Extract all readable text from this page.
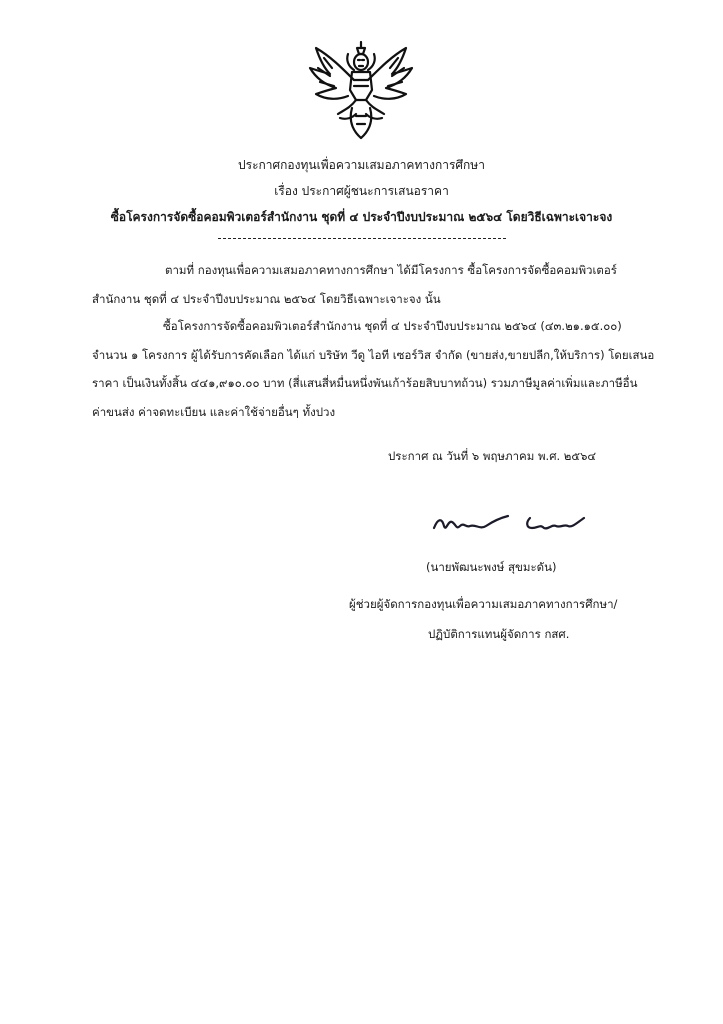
ประกาศกองทุนเพื่อความเสมอภาคทางการศึกษา
เรื่อง ประกาศผู้ชนะการเสนอราคา
ซื้อโครงการจัดซื้อคอมพิวเตอร์สำนักงาน ชุดที่ ๔ ประจำปีงบประมาณ ๒๕๖๔ โดยวิธีเฉพาะเจาะจง
ตามที่ กองทุนเพื่อความเสมอภาคทางการศึกษา ได้มีโครงการ ซื้อโครงการจัดซื้อคอมพิวเตอร์
สำนักงาน ชุดที่ ๔ ประจำปีงบประมาณ ๒๕๖๔ โดยวิธีเฉพาะเจาะจง นั้น
ซื้อโครงการจัดซื้อคอมพิวเตอร์สำนักงาน ชุดที่ ๔ ประจำปีงบประมาณ ๒๕๖๔ (๔๓.๒๑.๑๕.๐๐)
จำนวน ๑ โครงการ ผู้ได้รับการคัดเลือก ได้แก่ บริษัท วีดู ไอที เซอร์วิส จำกัด (ขายส่ง,ขายปลีก,ให้บริการ) โดยเสนอ
ราคา เป็นเงินทั้งสิ้น ๔๔๑,๙๑๐.๐๐ บาท (สี่แสนสี่หมื่นหนึ่งพันเก้าร้อยสิบบาทถ้วน) รวมภาษีมูลค่าเพิ่มและภาษีอื่น
ค่าขนส่ง ค่าจดทะเบียน และค่าใช้จ่ายอื่นๆ ทั้งปวง
ประกาศ ณ วันที่ ๖ พฤษภาคม พ.ศ. ๒๕๖๔
(นายพัฒนะพงษ์ สุขมะดัน)
ผู้ช่วยผู้จัดการกองทุนเพื่อความเสมอภาคทางการศึกษา/
ปฏิบัติการแทนผู้จัดการ กสศ.
